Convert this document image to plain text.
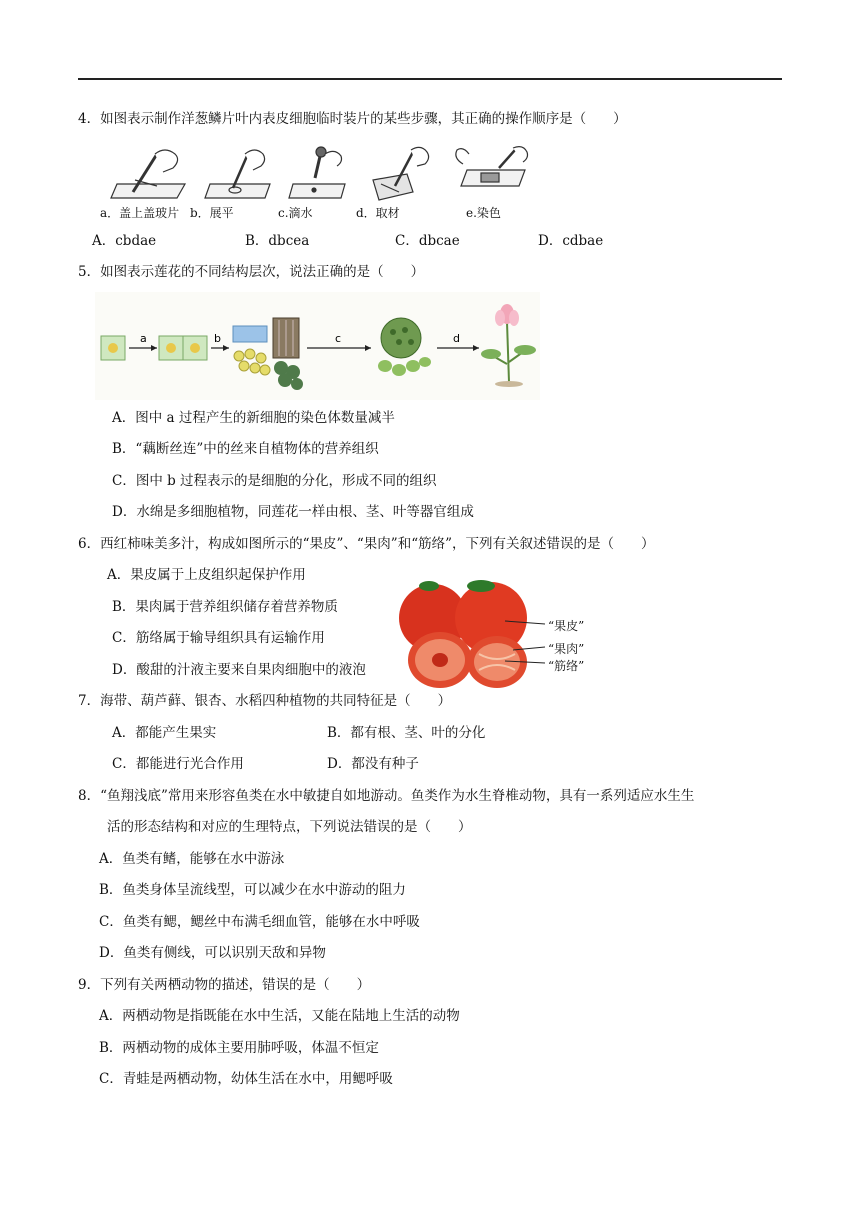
4．如图表示制作洋葱鳞片叶内表皮细胞临时装片的某些步骤，其正确的操作顺序是（　　）
a．盖上盖玻片 b．展平	c.滴水	d．取材	e.染色
A．cbdae	B．dbcea	C．dbcae	D．cdbae
5．如图表示莲花的不同结构层次，说法正确的是（　　）
a	b	c	d
A．图中 a 过程产生的新细胞的染色体数量减半
B．“藕断丝连”中的丝来自植物体的营养组织
C．图中 b 过程表示的是细胞的分化，形成不同的组织
D．水绵是多细胞植物，同莲花一样由根、茎、叶等器官组成
6．西红柿味美多汁，构成如图所示的“果皮”、“果肉”和“筋络”，下列有关叙述错误的是（　　）
A．果皮属于上皮组织起保护作用
B．果肉属于营养组织储存着营养物质
C．筋络属于输导组织具有运输作用
D．酸甜的汁液主要来自果肉细胞中的液泡
“果皮”
“果肉”
“筋络”
7．海带、葫芦藓、银杏、水稻四种植物的共同特征是（　　）
A．都能产生果实	B．都有根、茎、叶的分化
C．都能进行光合作用	D．都没有种子
8．“鱼翔浅底”常用来形容鱼类在水中敏捷自如地游动。鱼类作为水生脊椎动物，具有一系列适应水生生
活的形态结构和对应的生理特点，下列说法错误的是（　　）
A．鱼类有鳍，能够在水中游泳
B．鱼类身体呈流线型，可以减少在水中游动的阻力
C．鱼类有鳃，鳃丝中布满毛细血管，能够在水中呼吸
D．鱼类有侧线，可以识别天敌和异物
9．下列有关两栖动物的描述，错误的是（　　）
A．两栖动物是指既能在水中生活，又能在陆地上生活的动物
B．两栖动物的成体主要用肺呼吸，体温不恒定
C．青蛙是两栖动物，幼体生活在水中，用鳃呼吸
